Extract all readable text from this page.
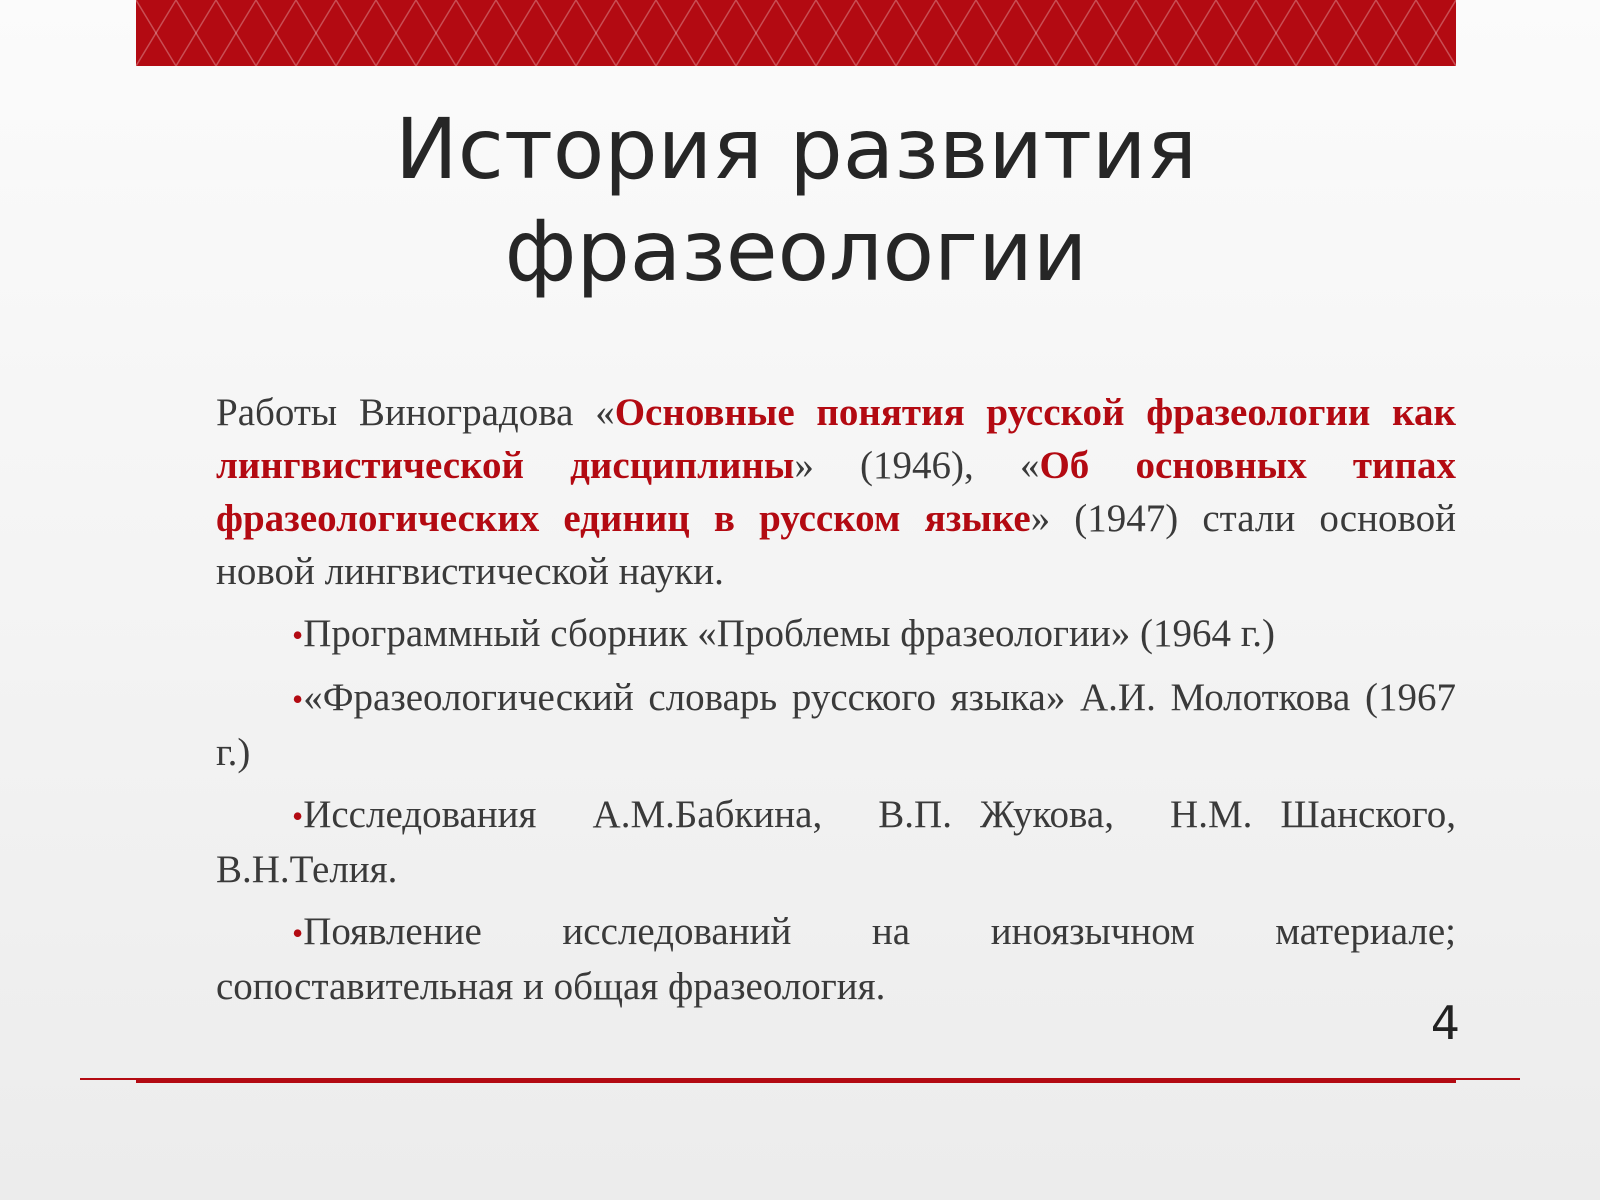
История развития
фразеологии

Работы Виноградова «Основные понятия русской фразеологии как лингвистической дисциплины» (1946), «Об основных типах фразеологических единиц в русском языке» (1947) стали основой новой лингвистической науки.

•Программный сборник «Проблемы фразеологии» (1964 г.)

•«Фразеологический словарь русского языка» А.И. Молоткова (1967 г.)

•Исследования  А.М.Бабкина,  В.П. Жукова,  Н.М. Шанского, В.Н.Телия.

•Появление исследований на иноязычном материале; сопоставительная и общая фразеология.

4
